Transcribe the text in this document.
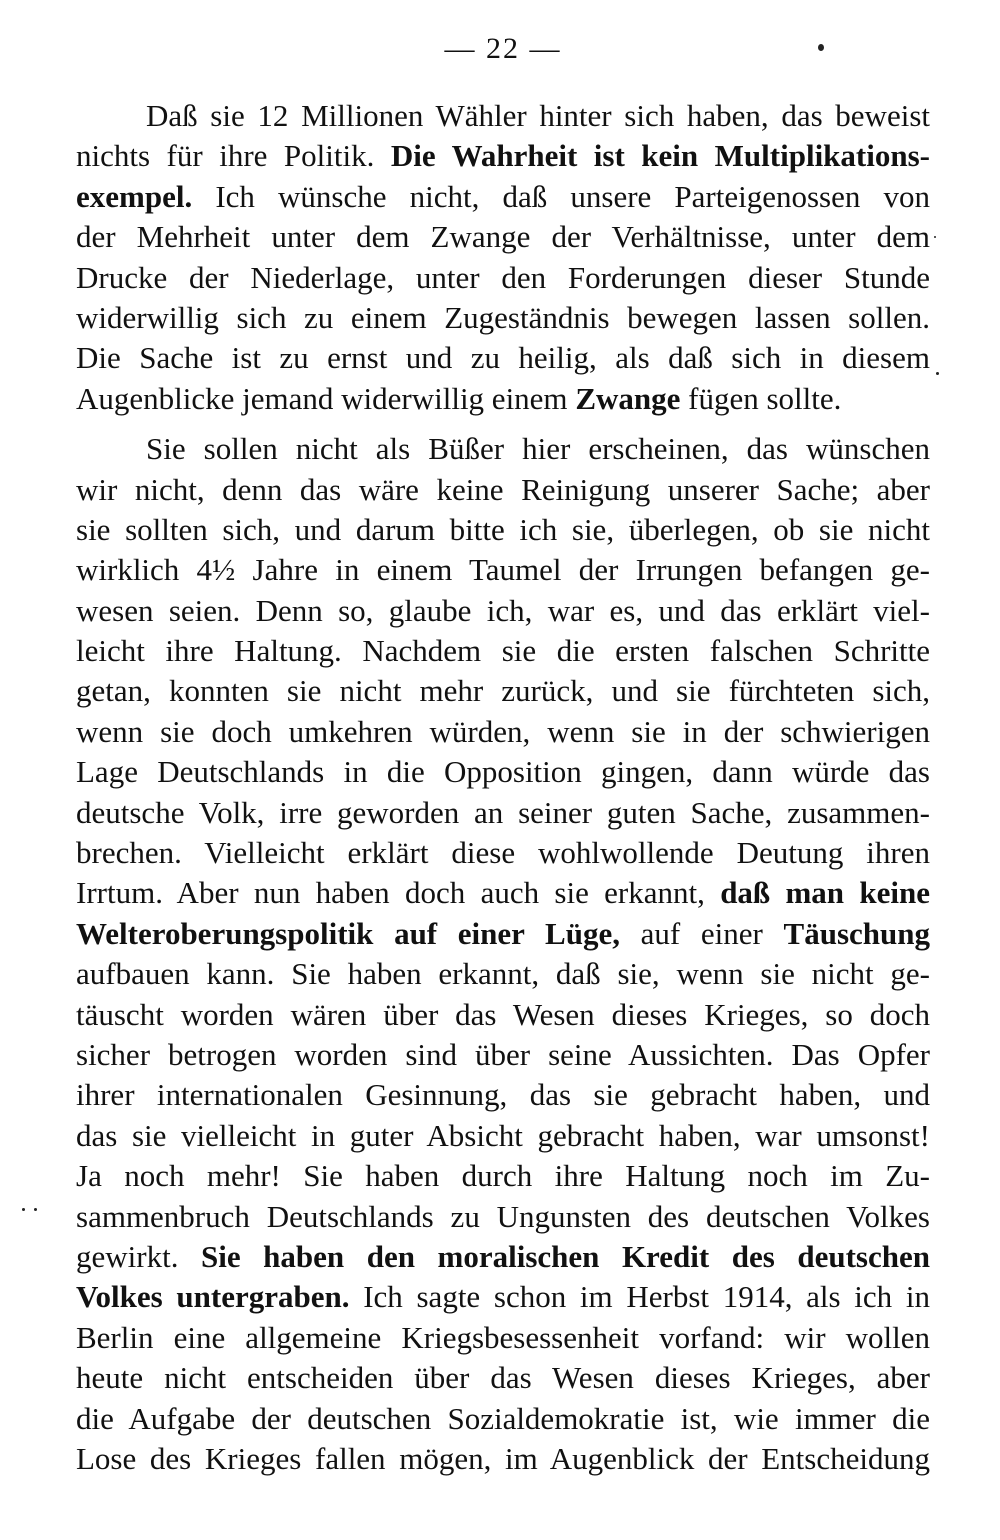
— 22 —
Daß sie 12 Millionen Wähler hinter sich haben, das beweist
nichts für ihre Politik. Die Wahrheit ist kein Multiplikations-
exempel. Ich wünsche nicht, daß unsere Parteigenossen von
der Mehrheit unter dem Zwange der Verhältnisse, unter dem
Drucke der Niederlage, unter den Forderungen dieser Stunde
widerwillig sich zu einem Zugeständnis bewegen lassen sollen.
Die Sache ist zu ernst und zu heilig, als daß sich in diesem
Augenblicke jemand widerwillig einem Zwange fügen sollte.
Sie sollen nicht als Büßer hier erscheinen, das wünschen
wir nicht, denn das wäre keine Reinigung unserer Sache; aber
sie sollten sich, und darum bitte ich sie, überlegen, ob sie nicht
wirklich 4½ Jahre in einem Taumel der Irrungen befangen ge-
wesen seien. Denn so, glaube ich, war es, und das erklärt viel-
leicht ihre Haltung. Nachdem sie die ersten falschen Schritte
getan, konnten sie nicht mehr zurück, und sie fürchteten sich,
wenn sie doch umkehren würden, wenn sie in der schwierigen
Lage Deutschlands in die Opposition gingen, dann würde das
deutsche Volk, irre geworden an seiner guten Sache, zusammen-
brechen. Vielleicht erklärt diese wohlwollende Deutung ihren
Irrtum. Aber nun haben doch auch sie erkannt, daß man keine
Welteroberungspolitik auf einer Lüge, auf einer Täuschung
aufbauen kann. Sie haben erkannt, daß sie, wenn sie nicht ge-
täuscht worden wären über das Wesen dieses Krieges, so doch
sicher betrogen worden sind über seine Aussichten. Das Opfer
ihrer internationalen Gesinnung, das sie gebracht haben, und
das sie vielleicht in guter Absicht gebracht haben, war umsonst!
Ja noch mehr! Sie haben durch ihre Haltung noch im Zu-
sammenbruch Deutschlands zu Ungunsten des deutschen Volkes
gewirkt. Sie haben den moralischen Kredit des deutschen
Volkes untergraben. Ich sagte schon im Herbst 1914, als ich in
Berlin eine allgemeine Kriegsbesessenheit vorfand: wir wollen
heute nicht entscheiden über das Wesen dieses Krieges, aber
die Aufgabe der deutschen Sozialdemokratie ist, wie immer die
Lose des Krieges fallen mögen, im Augenblick der Entscheidung
